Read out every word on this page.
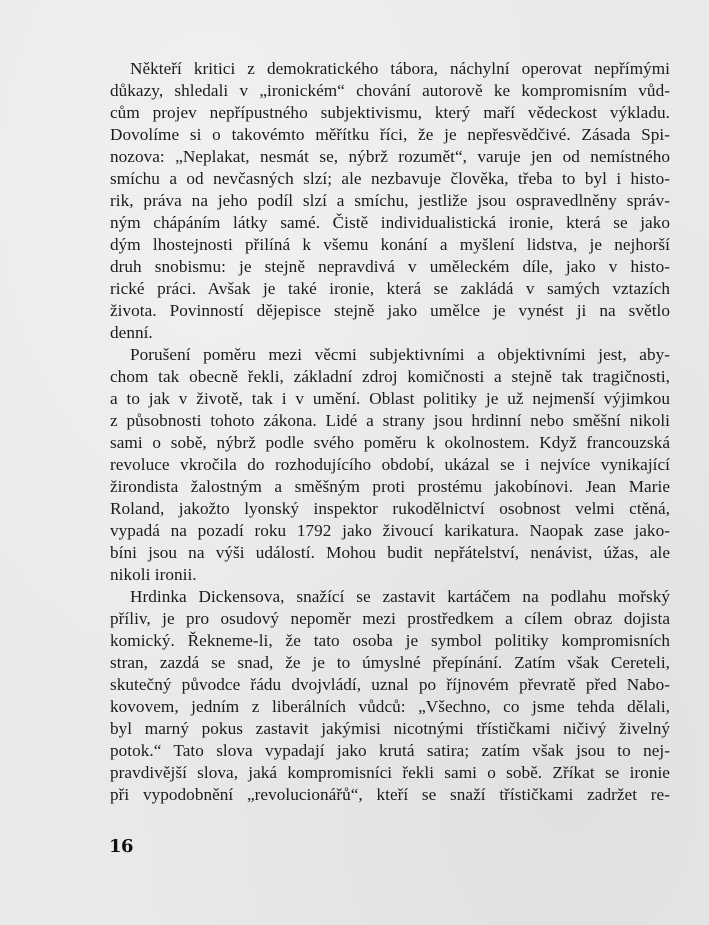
Někteří kritici z demokratického tábora, náchylní operovat nepřímými
důkazy, shledali v „ironickém“ chování autorově ke kompromisním vůd-
cům projev nepřípustného subjektivismu, který maří vědeckost výkladu.
Dovolíme si o takovémto měřítku říci, že je nepřesvědčivé. Zásada Spi-
nozova: „Neplakat, nesmát se, nýbrž rozumět“, varuje jen od nemístného
smíchu a od nevčasných slzí; ale nezbavuje člověka, třeba to byl i histo-
rik, práva na jeho podíl slzí a smíchu, jestliže jsou ospravedlněny správ-
ným chápáním látky samé. Čistě individualistická ironie, která se jako
dým lhostejnosti přilíná k všemu konání a myšlení lidstva, je nejhorší
druh snobismu: je stejně nepravdivá v uměleckém díle, jako v histo-
rické práci. Avšak je také ironie, která se zakládá v samých vztazích
života. Povinností dějepisce stejně jako umělce je vynést ji na světlo
denní.
Porušení poměru mezi věcmi subjektivními a objektivními jest, aby-
chom tak obecně řekli, základní zdroj komičnosti a stejně tak tragičnosti,
a to jak v životě, tak i v umění. Oblast politiky je už nejmenší výjimkou
z působnosti tohoto zákona. Lidé a strany jsou hrdinní nebo směšní nikoli
sami o sobě, nýbrž podle svého poměru k okolnostem. Když francouzská
revoluce vkročila do rozhodujícího období, ukázal se i nejvíce vynikající
žirondista žalostným a směšným proti prostému jakobínovi. Jean Marie
Roland, jakožto lyonský inspektor rukodělnictví osobnost velmi ctěná,
vypadá na pozadí roku 1792 jako živoucí karikatura. Naopak zase jako-
bíni jsou na výši událostí. Mohou budit nepřátelství, nenávist, úžas, ale
nikoli ironii.
Hrdinka Dickensova, snažící se zastavit kartáčem na podlahu mořský
příliv, je pro osudový nepoměr mezi prostředkem a cílem obraz dojista
komický. Řekneme-li, že tato osoba je symbol politiky kompromisních
stran, zazdá se snad, že je to úmyslné přepínání. Zatím však Cereteli,
skutečný původce řádu dvojvládí, uznal po říjnovém převratě před Nabo-
kovovem, jedním z liberálních vůdců: „Všechno, co jsme tehda dělali,
byl marný pokus zastavit jakýmisi nicotnými třístičkami ničivý živelný
potok.“ Tato slova vypadají jako krutá satira; zatím však jsou to nej-
pravdivější slova, jaká kompromisníci řekli sami o sobě. Zříkat se ironie
při vypodobnění „revolucionářů“, kteří se snaží třístičkami zadržet re-
16
